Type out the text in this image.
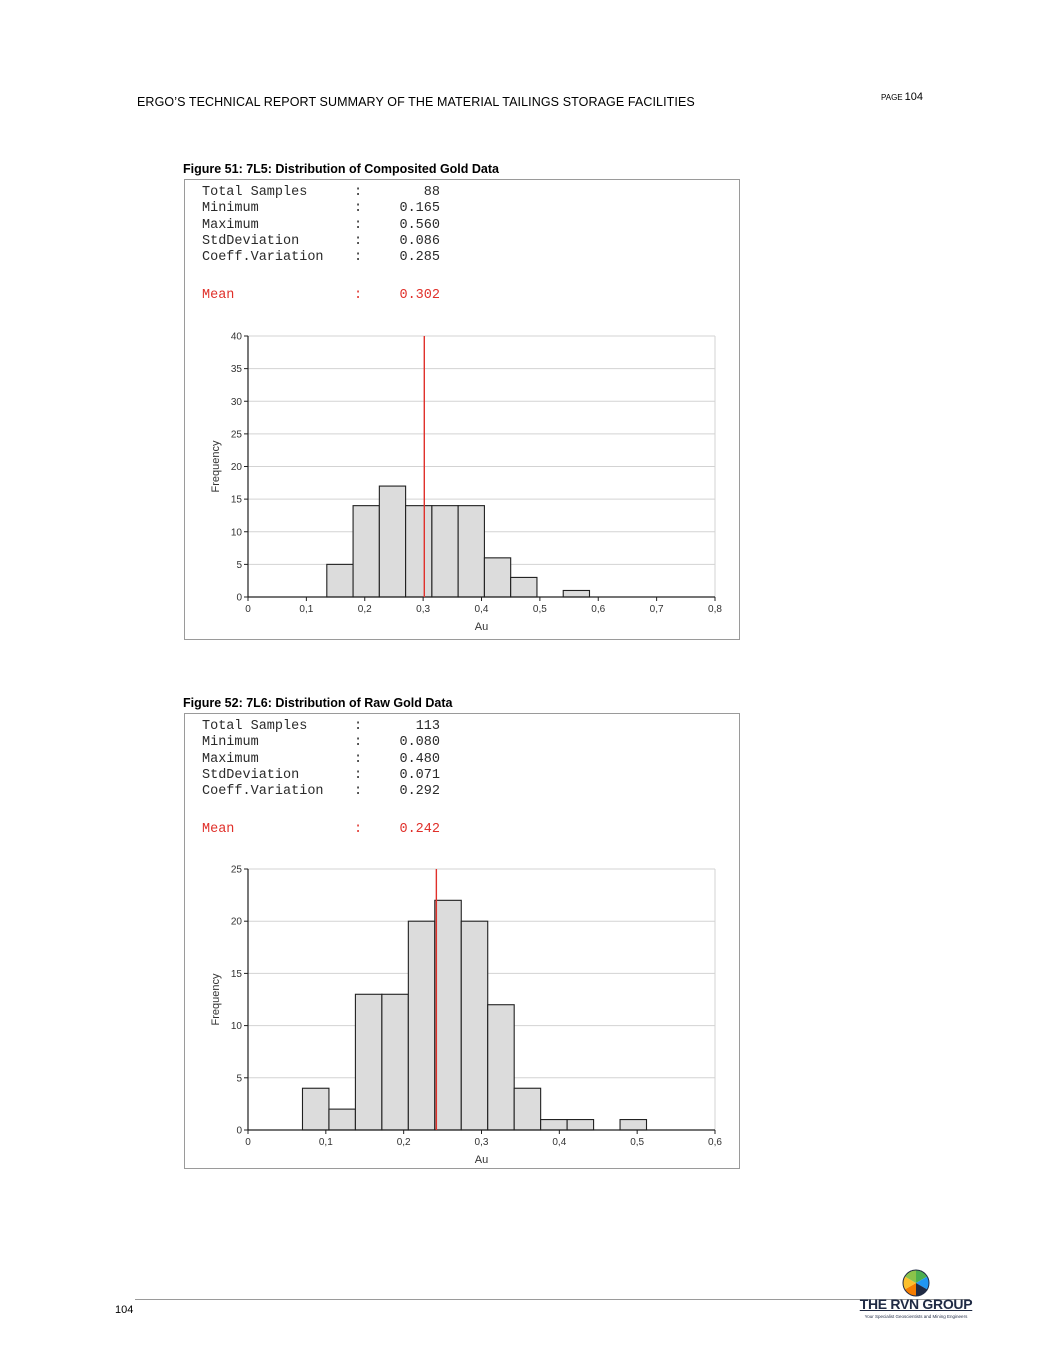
ERGO’S TECHNICAL REPORT SUMMARY OF THE MATERIAL TAILINGS STORAGE FACILITIES	PAGE 104
Figure 51: 7L5: Distribution of Composited Gold Data
Total Samples	:	88
Minimum	:	0.165
Maximum	:	0.560
StdDeviation	:	0.086
Coeff.Variation :	0.285
Mean	:	0.302
0
5
10
15
20
25
30
35
40
0	0,1	0,2	0,3	0,4	0,5	0,6	0,7	0,8
Au
Frequency
Figure 52: 7L6: Distribution of Raw Gold Data
Total Samples	:	113
Minimum	:	0.080
Maximum	:	0.480
StdDeviation	:	0.071
Coeff.Variation :	0.292
Mean	:	0.242
0
5
10
15
20
25
0	0,1	0,2	0,3	0,4	0,5	0,6
Au
Frequency
104	THE RVN GROUP
Your Specialist Geoscientists and Mining Engineers
